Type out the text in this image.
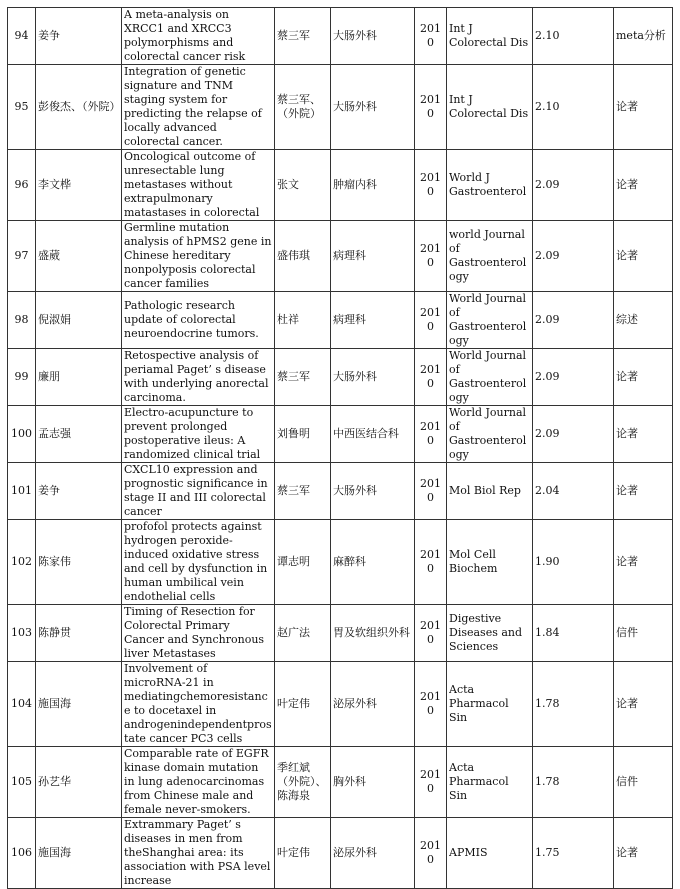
94	姜争	A meta-analysis on XRCC1 and XRCC3 polymorphisms and colorectal cancer risk	蔡三军	大肠外科	2010	Int J Colorectal Dis	2.10	meta分析
95	彭俊杰、（外院）	Integration of genetic signature and TNM staging system for predicting the relapse of locally advanced colorectal cancer.	蔡三军、（外院）	大肠外科	2010	Int J Colorectal Dis	2.10	论著
96	李文桦	Oncological outcome of unresectable lung metastases without extrapulmonary matastases in colorectal	张文	肿瘤内科	2010	World J Gastroenterol	2.09	论著
97	盛葳	Germline mutation analysis of hPMS2 gene in Chinese hereditary nonpolyposis colorectal cancer families	盛伟琪	病理科	2010	world Journal of Gastroenterology	2.09	论著
98	倪淑娟	Pathologic research update of colorectal neuroendocrine tumors.	杜祥	病理科	2010	World Journal of Gastroenterology	2.09	综述
99	廉朋	Retospective analysis of periamal Paget’ s disease with underlying anorectal carcinoma.	蔡三军	大肠外科	2010	World Journal of Gastroenterology	2.09	论著
100	孟志强	Electro-acupuncture to prevent prolonged postoperative ileus: A randomized clinical trial	刘鲁明	中西医结合科	2010	World Journal of Gastroenterology	2.09	论著
101	姜争	CXCL10 expression and prognostic significance in stage II and III colorectal cancer	蔡三军	大肠外科	2010	Mol Biol Rep	2.04	论著
102	陈家伟	profofol protects against hydrogen peroxide-induced oxidative stress and cell by dysfunction in human umbilical vein endothelial cells	谭志明	麻醉科	2010	Mol Cell Biochem	1.90	论著
103	陈静贯	Timing of Resection for Colorectal Primary Cancer and Synchronous liver Metastases	赵广法	胃及软组织外科	2010	Digestive Diseases and Sciences	1.84	信件
104	施国海	Involvement of microRNA-21 in mediatingchemoresistance to docetaxel in androgenindependentprostate cancer PC3 cells	叶定伟	泌尿外科	2010	Acta Pharmacol Sin	1.78	论著
105	孙艺华	Comparable rate of EGFR kinase domain mutation in lung adenocarcinomas from Chinese male and female never-smokers.	季红斌（外院）、陈海泉	胸外科	2010	Acta Pharmacol Sin	1.78	信件
106	施国海	Extrammary Paget’ s diseases in men from theShanghai area: its association with PSA level increase	叶定伟	泌尿外科	2010	APMIS	1.75	论著
